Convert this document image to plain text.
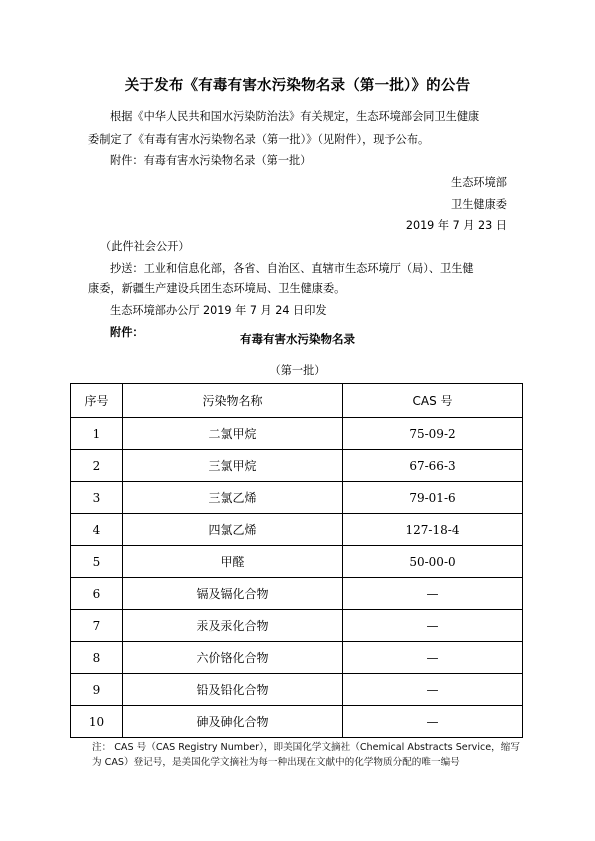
关于发布《有毒有害水污染物名录（第一批）》的公告
根据《中华人民共和国水污染防治法》有关规定，生态环境部会同卫生健康
委制定了《有毒有害水污染物名录（第一批）》（见附件），现予公布。
附件：有毒有害水污染物名录（第一批）
生态环境部
卫生健康委
2019 年 7 月 23 日
（此件社会公开）
抄送：工业和信息化部，各省、自治区、直辖市生态环境厅（局）、卫生健
康委，新疆生产建设兵团生态环境局、卫生健康委。
生态环境部办公厅 2019 年 7 月 24 日印发
附件：	有毒有害水污染物名录
（第一批）
序号	污染物名称	CAS 号
1	二氯甲烷	75-09-2
2	三氯甲烷	67-66-3
3	三氯乙烯	79-01-6
4	四氯乙烯	127-18-4
5	甲醛	50-00-0
6	镉及镉化合物	—
7	汞及汞化合物	—
8	六价铬化合物	—
9	铅及铅化合物	—
10	砷及砷化合物	—
注： CAS 号（CAS Registry Number），即美国化学文摘社（Chemical Abstracts Service，缩写
为 CAS）登记号，是美国化学文摘社为每一种出现在文献中的化学物质分配的唯一编号
